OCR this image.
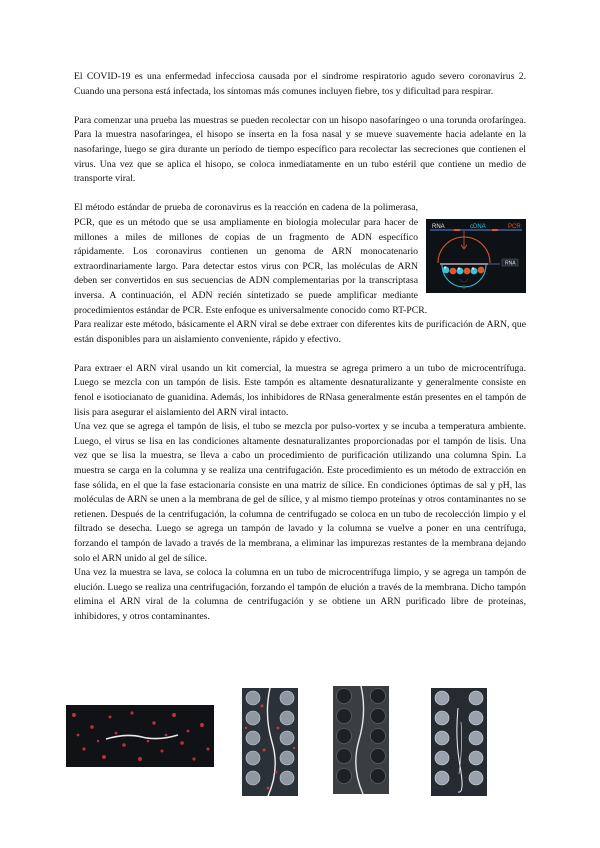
RNA	cDNA	PCR
RNA

El COVID-19 es una enfermedad infecciosa causada por el síndrome respiratorio agudo severo coronavirus 2. Cuando una persona está infectada, los síntomas más comunes incluyen fiebre, tos y dificultad para respirar.

Para comenzar una prueba las muestras se pueden recolectar con un hisopo nasofaríngeo o una torunda orofaríngea. Para la muestra nasofaríngea, el hisopo se inserta en la fosa nasal y se mueve suavemente hacia adelante en la nasofaringe, luego se gira durante un período de tiempo específico para recolectar las secreciones que contienen el virus. Una vez que se aplica el hisopo, se coloca inmediatamente en un tubo estéril que contiene un medio de transporte viral.

El método estándar de prueba de coronavirus es la reacción en cadena de la polimerasa, PCR, que es un método que se usa ampliamente en biología molecular para hacer de millones a miles de millones de copias de un fragmento de ADN específico rápidamente. Los coronavirus contienen un genoma de ARN monocatenario extraordinariamente largo. Para detectar estos virus con PCR, las moléculas de ARN deben ser convertidos en sus secuencias de ADN complementarias por la transcriptasa inversa. A continuación, el ADN recién sintetizado se puede amplificar mediante procedimientos estándar de PCR. Este enfoque es universalmente conocido como RT-PCR.

Para realizar este método, básicamente el ARN viral se debe extraer con diferentes kits de purificación de ARN, que están disponibles para un aislamiento conveniente, rápido y efectivo.

Para extraer el ARN viral usando un kit comercial, la muestra se agrega primero a un tubo de microcentrífuga. Luego se mezcla con un tampón de lisis. Este tampón es altamente desnaturalizante y generalmente consiste en fenol e isotiocianato de guanidina. Además, los inhibidores de RNasa generalmente están presentes en el tampón de lisis para asegurar el aislamiento del ARN viral intacto.

Una vez que se agrega el tampón de lisis, el tubo se mezcla por pulso-vortex y se incuba a temperatura ambiente. Luego, el virus se lisa en las condiciones altamente desnaturalizantes proporcionadas por el tampón de lisis. Una vez que se lisa la muestra, se lleva a cabo un procedimiento de purificación utilizando una columna Spin. La muestra se carga en la columna y se realiza una centrifugación. Este procedimiento es un método de extracción en fase sólida, en el que la fase estacionaria consiste en una matriz de sílice. En condiciones óptimas de sal y pH, las moléculas de ARN se unen a la membrana de gel de sílice, y al mismo tiempo proteínas y otros contaminantes no se retienen. Después de la centrifugación, la columna de centrifugado se coloca en un tubo de recolección limpio y el filtrado se desecha. Luego se agrega un tampón de lavado y la columna se vuelve a poner en una centrífuga, forzando el tampón de lavado a través de la membrana, a eliminar las impurezas restantes de la membrana dejando solo el ARN unido al gel de sílice.

Una vez la muestra se lava, se coloca la columna en un tubo de microcentrífuga limpio, y se agrega un tampón de elución. Luego se realiza una centrifugación, forzando el tampón de elución a través de la membrana. Dicho tampón elimina el ARN viral de la columna de centrifugación y se obtiene un ARN purificado libre de proteínas, inhibidores, y otros contaminantes.
